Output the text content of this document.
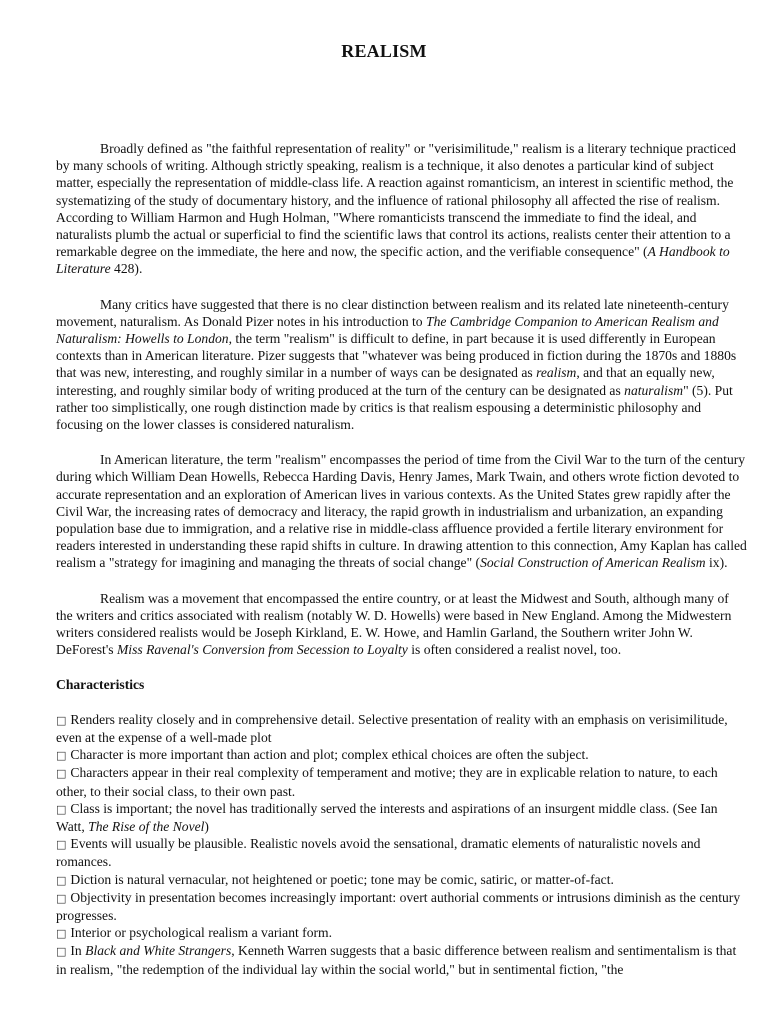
REALISM

Broadly defined as "the faithful representation of reality" or "verisimilitude," realism is a literary technique practiced by many schools of writing. Although strictly speaking, realism is a technique, it also denotes a particular kind of subject matter, especially the representation of middle-class life. A reaction against romanticism, an interest in scientific method, the systematizing of the study of documentary history, and the influence of rational philosophy all affected the rise of realism. According to William Harmon and Hugh Holman, "Where romanticists transcend the immediate to find the ideal, and naturalists plumb the actual or superficial to find the scientific laws that control its actions, realists center their attention to a remarkable degree on the immediate, the here and now, the specific action, and the verifiable consequence" (A Handbook to Literature 428).

Many critics have suggested that there is no clear distinction between realism and its related late nineteenth-century movement, naturalism. As Donald Pizer notes in his introduction to The Cambridge Companion to American Realism and Naturalism: Howells to London, the term "realism" is difficult to define, in part because it is used differently in European contexts than in American literature. Pizer suggests that "whatever was being produced in fiction during the 1870s and 1880s that was new, interesting, and roughly similar in a number of ways can be designated as realism, and that an equally new, interesting, and roughly similar body of writing produced at the turn of the century can be designated as naturalism" (5). Put rather too simplistically, one rough distinction made by critics is that realism espousing a deterministic philosophy and focusing on the lower classes is considered naturalism.

In American literature, the term "realism" encompasses the period of time from the Civil War to the turn of the century during which William Dean Howells, Rebecca Harding Davis, Henry James, Mark Twain, and others wrote fiction devoted to accurate representation and an exploration of American lives in various contexts. As the United States grew rapidly after the Civil War, the increasing rates of democracy and literacy, the rapid growth in industrialism and urbanization, an expanding population base due to immigration, and a relative rise in middle-class affluence provided a fertile literary environment for readers interested in understanding these rapid shifts in culture. In drawing attention to this connection, Amy Kaplan has called realism a "strategy for imagining and managing the threats of social change" (Social Construction of American Realism ix).

Realism was a movement that encompassed the entire country, or at least the Midwest and South, although many of the writers and critics associated with realism (notably W. D. Howells) were based in New England. Among the Midwestern writers considered realists would be Joseph Kirkland, E. W. Howe, and Hamlin Garland, the Southern writer John W. DeForest's Miss Ravenal's Conversion from Secession to Loyalty is often considered a realist novel, too.

Characteristics
□ Renders reality closely and in comprehensive detail. Selective presentation of reality with an emphasis on verisimilitude, even at the expense of a well-made plot
□ Character is more important than action and plot; complex ethical choices are often the subject.
□ Characters appear in their real complexity of temperament and motive; they are in explicable relation to nature, to each other, to their social class, to their own past.
□ Class is important; the novel has traditionally served the interests and aspirations of an insurgent middle class. (See Ian Watt, The Rise of the Novel)
□ Events will usually be plausible. Realistic novels avoid the sensational, dramatic elements of naturalistic novels and romances.
□ Diction is natural vernacular, not heightened or poetic; tone may be comic, satiric, or matter-of-fact.
□ Objectivity in presentation becomes increasingly important: overt authorial comments or intrusions diminish as the century progresses.
□ Interior or psychological realism a variant form.
□ In Black and White Strangers, Kenneth Warren suggests that a basic difference between realism and sentimentalism is that in realism, "the redemption of the individual lay within the social world," but in sentimental fiction, "the
